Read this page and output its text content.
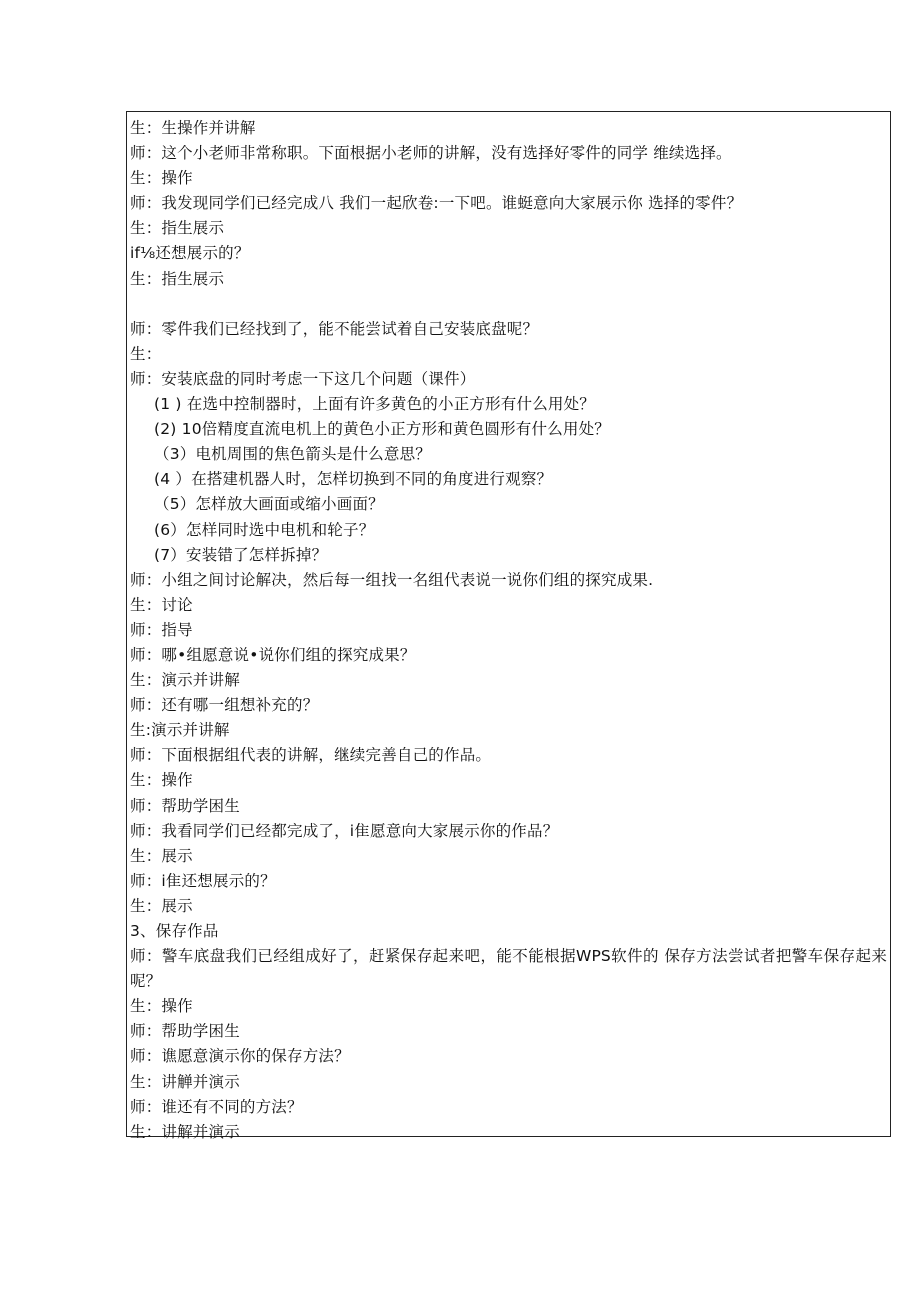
生：生操作并讲解
师：这个小老师非常称职。下面根据小老师的讲解，没有选择好零件的同学 维续选择。
生：操作
师：我发现同学们已经完成八 我们一起欣卷:一下吧。谁蜓意向大家展示你 选择的零件？
生：指生展示
if⅛还想展示的？
生：指生展示
师：零件我们已经找到了，能不能尝试着自己安装底盘呢？
生：
师：安装底盘的同时考虑一下这几个问题（课件）
(1 ) 在选中控制器时，上面有许多黄色的小正方形有什么用处？
(2) 10倍精度直流电机上的黄色小正方形和黄色圆形有什么用处？
（3）电机周围的焦色箭头是什么意思？
(4 ）在搭建机器人时，怎样切换到不同的角度进行观察？
（5）怎样放大画面或缩小画面？
(6）怎样同时选中电机和轮子？
(7）安装错了怎样拆掉？
师：小组之间讨论解决，然后每一组找一名组代表说一说你们组的探究成果.
生：讨论
师：指导
师：哪•组愿意说•说你们组的探究成果？
生：演示并讲解
师：还有哪一组想补充的？
生:演示并讲解
师：下面根据组代表的讲解，继续完善自己的作品。
生：操作
师：帮助学困生
师：我看同学们已经都完成了，i隹愿意向大家展示你的作品？
生：展示
师：i隹还想展示的？
生：展示
3、保存作品
师：警车底盘我们已经组成好了，赶紧保存起来吧，能不能根据WPS软件的 保存方法尝试者把警车保存起来呢？
生：操作
师：帮助学困生
师：谯愿意演示你的保存方法？
生：讲觯并演示
师：谁还有不同的方法？
生：讲解并演示
